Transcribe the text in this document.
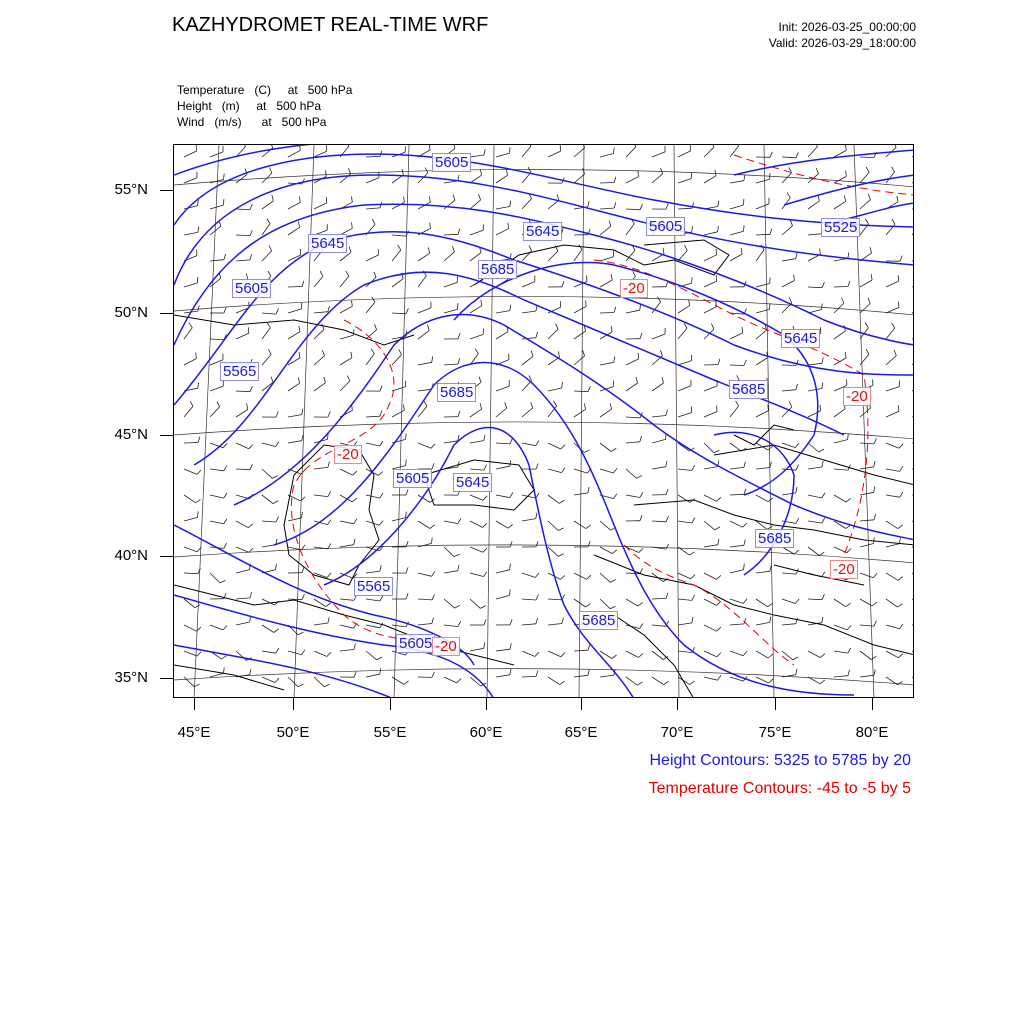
KAZHYDROMET REAL-TIME WRF	Init: 2026-03-25_00:00:00
Valid: 2026-03-29_18:00:00
Temperature   (C)     at   500 hPa
Height   (m)     at   500 hPa
Wind   (m/s)      at   500 hPa
5605
5645
5645	5605	5525
5605
5685
5645
5565
5685	5685
5605 5645
5685
5565
5605
5685
-20
-20
-20
-20
-20
55°N
50°N
45°N
40°N
35°N
45°E	50°E	55°E	60°E	65°E	70°E	75°E	80°E
Height Contours: 5325 to 5785 by 20
Temperature Contours: -45 to -5 by 5
